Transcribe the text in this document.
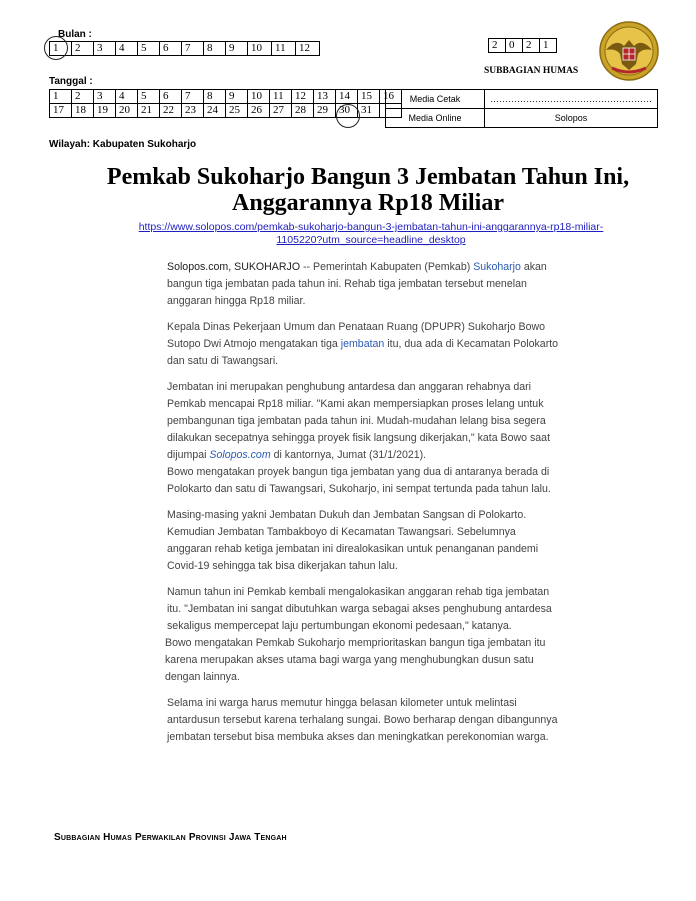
Bulan :
1	2	3	4	5	6	7	8	9	10	11	12
Tanggal :
1	2	3	4	5	6	7	8	9	10	11	12	13	14	15	16
17	18	19	20	21	22	23	24	25	26	27	28	29	30	31	
2	0	2	1
SUBBAGIAN HUMAS
Media Cetak	………………………………………………
Media Online	Solopos
Wilayah: Kabupaten Sukoharjo
Pemkab Sukoharjo Bangun 3 Jembatan Tahun Ini,
Anggarannya Rp18 Miliar
https://www.solopos.com/pemkab-sukoharjo-bangun-3-jembatan-tahun-ini-anggarannya-rp18-miliar-
1105220?utm_source=headline_desktop

Solopos.com, SUKOHARJO -- Pemerintah Kabupaten (Pemkab) Sukoharjo akan bangun tiga jembatan pada tahun ini. Rehab tiga jembatan tersebut menelan anggaran hingga Rp18 miliar.

Kepala Dinas Pekerjaan Umum dan Penataan Ruang (DPUPR) Sukoharjo Bowo Sutopo Dwi Atmojo mengatakan tiga jembatan itu, dua ada di Kecamatan Polokarto dan satu di Tawangsari.

Jembatan ini merupakan penghubung antardesa dan anggaran rehabnya dari Pemkab mencapai Rp18 miliar. "Kami akan mempersiapkan proses lelang untuk pembangunan tiga jembatan pada tahun ini. Mudah-mudahan lelang bisa segera dilakukan secepatnya sehingga proyek fisik langsung dikerjakan," kata Bowo saat dijumpai Solopos.com di kantornya, Jumat (31/1/2021).

Bowo mengatakan proyek bangun tiga jembatan yang dua di antaranya berada di Polokarto dan satu di Tawangsari, Sukoharjo, ini sempat tertunda pada tahun lalu.

Masing-masing yakni Jembatan Dukuh dan Jembatan Sangsan di Polokarto. Kemudian Jembatan Tambakboyo di Kecamatan Tawangsari. Sebelumnya anggaran rehab ketiga jembatan ini direalokasikan untuk penanganan pandemi Covid-19 sehingga tak bisa dikerjakan tahun lalu.

Namun tahun ini Pemkab kembali mengalokasikan anggaran rehab tiga jembatan itu. "Jembatan ini sangat dibutuhkan warga sebagai akses penghubung antardesa sekaligus mempercepat laju pertumbungan ekonomi pedesaan," katanya.

Bowo mengatakan Pemkab Sukoharjo memprioritaskan bangun tiga jembatan itu karena merupakan akses utama bagi warga yang menghubungkan dusun satu dengan lainnya.

Selama ini warga harus memutur hingga belasan kilometer untuk melintasi antardusun tersebut karena terhalang sungai. Bowo berharap dengan dibangunnya jembatan tersebut bisa membuka akses dan meningkatkan perekonomian warga.

Subbagian Humas Perwakilan Provinsi Jawa Tengah
